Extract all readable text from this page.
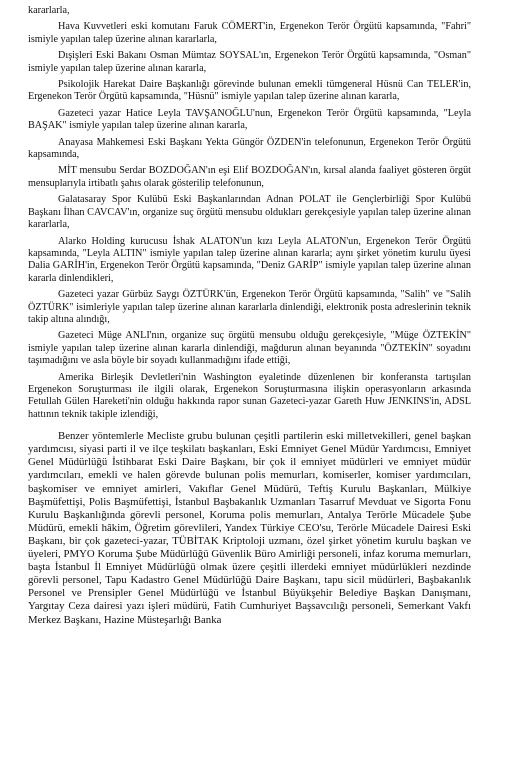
kararlarla,

Hava Kuvvetleri eski komutanı Faruk CÖMERT'in, Ergenekon Terör Örgütü kapsamında, "Fahri" ismiyle yapılan talep üzerine alınan kararlarla,

Dışişleri Eski Bakanı Osman Mümtaz SOYSAL'ın, Ergenekon Terör Örgütü kapsamında, "Osman" ismiyle yapılan talep üzerine alınan kararla,

Psikolojik Harekat Daire Başkanlığı görevinde bulunan emekli tümgeneral Hüsnü Can TELER'in, Ergenekon Terör Örgütü kapsamında, "Hüsnü" ismiyle yapılan talep üzerine alınan kararla,

Gazeteci yazar Hatice Leyla TAVŞANOĞLU'nun, Ergenekon Terör Örgütü kapsamında, "Leyla BAŞAK" ismiyle yapılan talep üzerine alınan kararla,

Anayasa Mahkemesi Eski Başkanı Yekta Güngör ÖZDEN'in telefonunun, Ergenekon Terör Örgütü kapsamında,

MİT mensubu Serdar BOZDOĞAN'ın eşi Elif BOZDOĞAN'ın, kırsal alanda faaliyet gösteren örgüt mensuplarıyla irtibatlı şahıs olarak gösterilip telefonunun,

Galatasaray Spor Kulübü Eski Başkanlarından Adnan POLAT ile Gençlerbirliği Spor Kulübü Başkanı İlhan CAVCAV'ın, organize suç örgütü mensubu oldukları gerekçesiyle yapılan talep üzerine alınan kararlarla,

Alarko Holding kurucusu İshak ALATON'un kızı Leyla ALATON'un, Ergenekon Terör Örgütü kapsamında, "Leyla ALTIN" ismiyle yapılan talep üzerine alınan kararla; aynı şirket yönetim kurulu üyesi Dalia GARİH'in, Ergenekon Terör Örgütü kapsamında, "Deniz GARİP" ismiyle yapılan talep üzerine alınan kararla dinlendikleri,

Gazeteci yazar Gürbüz Saygı ÖZTÜRK'ün, Ergenekon Terör Örgütü kapsamında, "Salih" ve "Salih ÖZTÜRK" isimleriyle yapılan talep üzerine alınan kararlarla dinlendiği, elektronik posta adreslerinin teknik takip altına alındığı,

Gazeteci Müge ANLI'nın, organize suç örgütü mensubu olduğu gerekçesiyle, "Müge ÖZTEKİN" ismiyle yapılan talep üzerine alınan kararla dinlendiği, mağdurun alınan beyanında "ÖZTEKİN" soyadını taşımadığını ve asla böyle bir soyadı kullanmadığını ifade ettiği,

Amerika Birleşik Devletleri'nin Washington eyaletinde düzenlenen bir konferansta tartışılan Ergenekon Soruşturması ile ilgili olarak, Ergenekon Soruşturmasına ilişkin operasyonların arkasında Fetullah Gülen Hareketi'nin olduğu hakkında rapor sunan Gazeteci-yazar Gareth Huw JENKINS'in, ADSL hattının teknik takiple izlendiği,

Benzer yöntemlerle Mecliste grubu bulunan çeşitli partilerin eski milletvekilleri, genel başkan yardımcısı, siyasi parti il ve ilçe teşkilatı başkanları, Eski Emniyet Genel Müdür Yardımcısı, Emniyet Genel Müdürlüğü İstihbarat Eski Daire Başkanı, bir çok il emniyet müdürleri ve emniyet müdür yardımcıları, emekli ve halen görevde bulunan polis memurları, komiserler, komiser yardımcıları, başkomiser ve emniyet amirleri, Vakıflar Genel Müdürü, Teftiş Kurulu Başkanları, Mülkiye Başmüfettişi, Polis Başmüfettişi, İstanbul Başbakanlık Uzmanları Tasarruf Mevduat ve Sigorta Fonu Kurulu Başkanlığında görevli personel, Koruma polis memurları, Antalya Terörle Mücadele Şube Müdürü, emekli hâkim, Öğretim görevlileri, Yandex Türkiye CEO'su, Terörle Mücadele Dairesi Eski Başkanı, bir çok gazeteci-yazar, TÜBİTAK Kriptoloji uzmanı, özel şirket yönetim kurulu başkan ve üyeleri, PMYO Koruma Şube Müdürlüğü Güvenlik Büro Amirliği personeli, infaz koruma memurları, başta İstanbul İl Emniyet Müdürlüğü olmak üzere çeşitli illerdeki emniyet müdürlükleri nezdinde görevli personel, Tapu Kadastro Genel Müdürlüğü Daire Başkanı, tapu sicil müdürleri, Başbakanlık Personel ve Prensipler Genel Müdürlüğü ve İstanbul Büyükşehir Belediye Başkan Danışmanı, Yargıtay Ceza dairesi yazı işleri müdürü, Fatih Cumhuriyet Başsavcılığı personeli, Semerkant Vakfı Merkez Başkanı, Hazine Müsteşarlığı Banka
